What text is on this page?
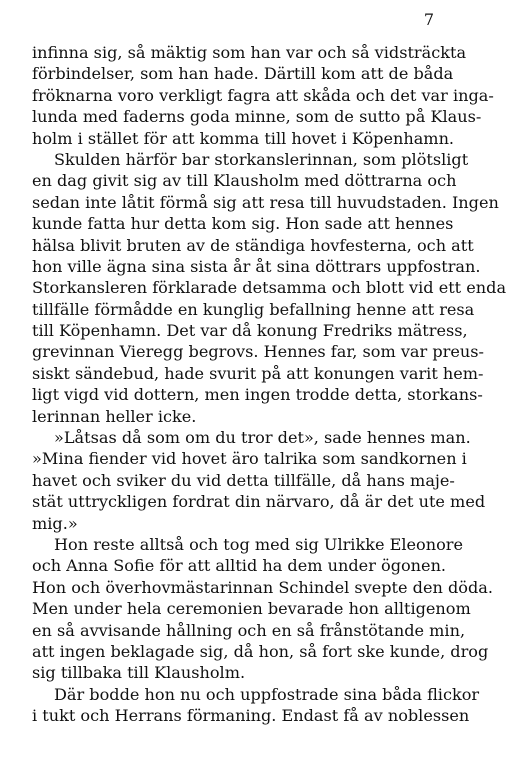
7
infinna sig, så mäktig som han var och så vidsträckta
förbindelser, som han hade. Därtill kom att de båda
fröknarna voro verkligt fagra att skåda och det var inga-
lunda med faderns goda minne, som de sutto på Klaus-
holm i stället för att komma till hovet i Köpenhamn.
Skulden härför bar storkanslerinnan, som plötsligt
en dag givit sig av till Klausholm med döttrarna och
sedan inte låtit förmå sig att resa till huvudstaden. Ingen
kunde fatta hur detta kom sig. Hon sade att hennes
hälsa blivit bruten av de ständiga hovfesterna, och att
hon ville ägna sina sista år åt sina döttrars uppfostran.
Storkansleren förklarade detsamma och blott vid ett enda
tillfälle förmådde en kunglig befallning henne att resa
till Köpenhamn. Det var då konung Fredriks mätress,
grevinnan Vieregg begrovs. Hennes far, som var preus-
siskt sändebud, hade svurit på att konungen varit hem-
ligt vigd vid dottern, men ingen trodde detta, storkans-
lerinnan heller icke.
»Låtsas då som om du tror det», sade hennes man.
»Mina fiender vid hovet äro talrika som sandkornen i
havet och sviker du vid detta tillfälle, då hans maje-
stät uttryckligen fordrat din närvaro, då är det ute med
mig.»
Hon reste alltså och tog med sig Ulrikke Eleonore
och Anna Sofie för att alltid ha dem under ögonen.
Hon och överhovmästarinnan Schindel svepte den döda.
Men under hela ceremonien bevarade hon alltigenom
en så avvisande hållning och en så frånstötande min,
att ingen beklagade sig, då hon, så fort ske kunde, drog
sig tillbaka till Klausholm.
Där bodde hon nu och uppfostrade sina båda flickor
i tukt och Herrans förmaning. Endast få av noblessen
